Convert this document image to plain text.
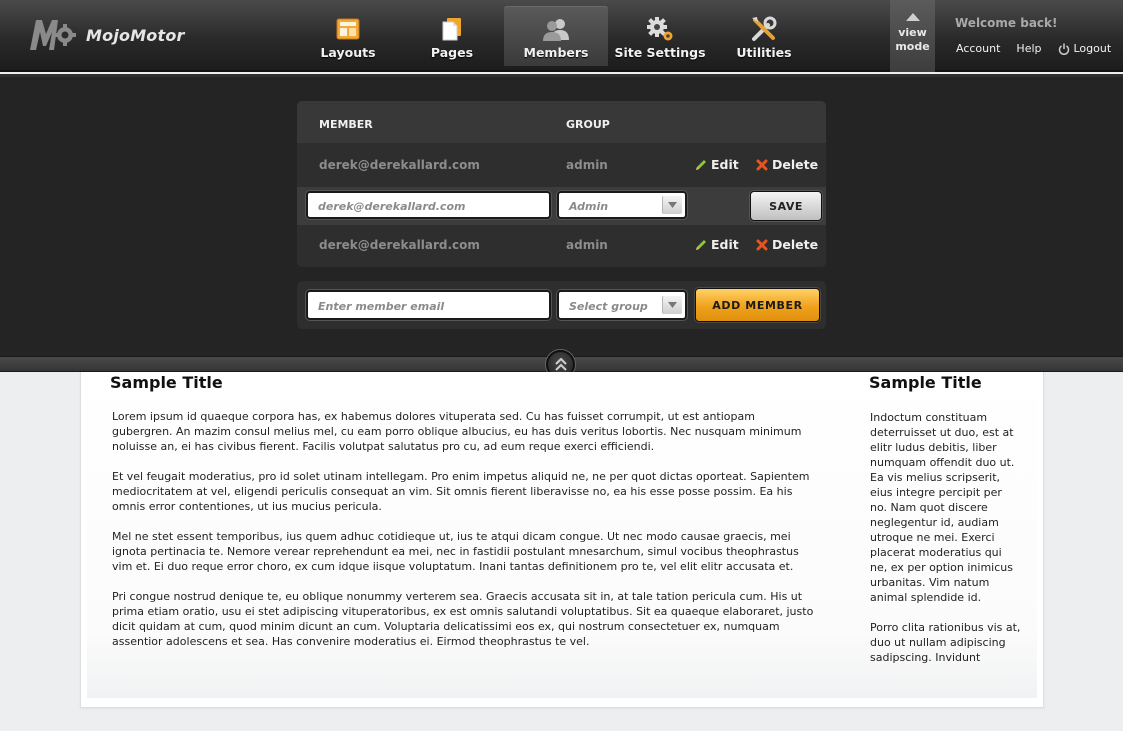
MojoMotor
Layouts	Pages	Members Site Settings Utilities
view
mode
Welcome back!
Account Help	Logout
MEMBER	GROUP
derek@derekallard.com	admin	Edit	Delete
derek@derekallard.com	Admin	SAVE
derek@derekallard.com	admin	Edit	Delete
Enter member email	Select group	ADD MEMBER
Sample Title

Lorem ipsum id quaeque corpora has, ex habemus dolores vituperata sed. Cu has fuisset corrumpit, ut est antiopam gubergren. An mazim consul melius mel, cu eam porro oblique albucius, eu has duis veritus lobortis. Nec nusquam minimum noluisse an, ei has civibus fierent. Facilis volutpat salutatus pro cu, ad eum reque exerci efficiendi.

Et vel feugait moderatius, pro id solet utinam intellegam. Pro enim impetus aliquid ne, ne per quot dictas oporteat. Sapientem mediocritatem at vel, eligendi periculis consequat an vim. Sit omnis fierent liberavisse no, ea his esse posse possim. Ea his omnis error contentiones, ut ius mucius pericula.

Mel ne stet essent temporibus, ius quem adhuc cotidieque ut, ius te atqui dicam congue. Ut nec modo causae graecis, mei ignota pertinacia te. Nemore verear reprehendunt ea mei, nec in fastidii postulant mnesarchum, simul vocibus theophrastus vim et. Ei duo reque error choro, ex cum idque iisque voluptatum. Inani tantas definitionem pro te, vel elit elitr accusata et.

Pri congue nostrud denique te, eu oblique nonummy verterem sea. Graecis accusata sit in, at tale tation pericula cum. His ut prima etiam oratio, usu ei stet adipiscing vituperatoribus, ex est omnis salutandi voluptatibus. Sit ea quaeque elaboraret, justo dicit quidam at cum, quod minim dicunt an cum. Voluptaria delicatissimi eos ex, qui nostrum consectetuer ex, numquam assentior adolescens et sea. Has convenire moderatius ei. Eirmod theophrastus te vel.

Sample Title

Indoctum constituam deterruisset ut duo, est at elitr ludus debitis, liber numquam offendit duo ut. Ea vis melius scripserit, eius integre percipit per no. Nam quot discere neglegentur id, audiam utroque ne mei. Exerci placerat moderatius qui ne, ex per option inimicus urbanitas. Vim natum animal splendide id.

Porro clita rationibus vis at, duo ut nullam adipiscing sadipscing. Invidunt
